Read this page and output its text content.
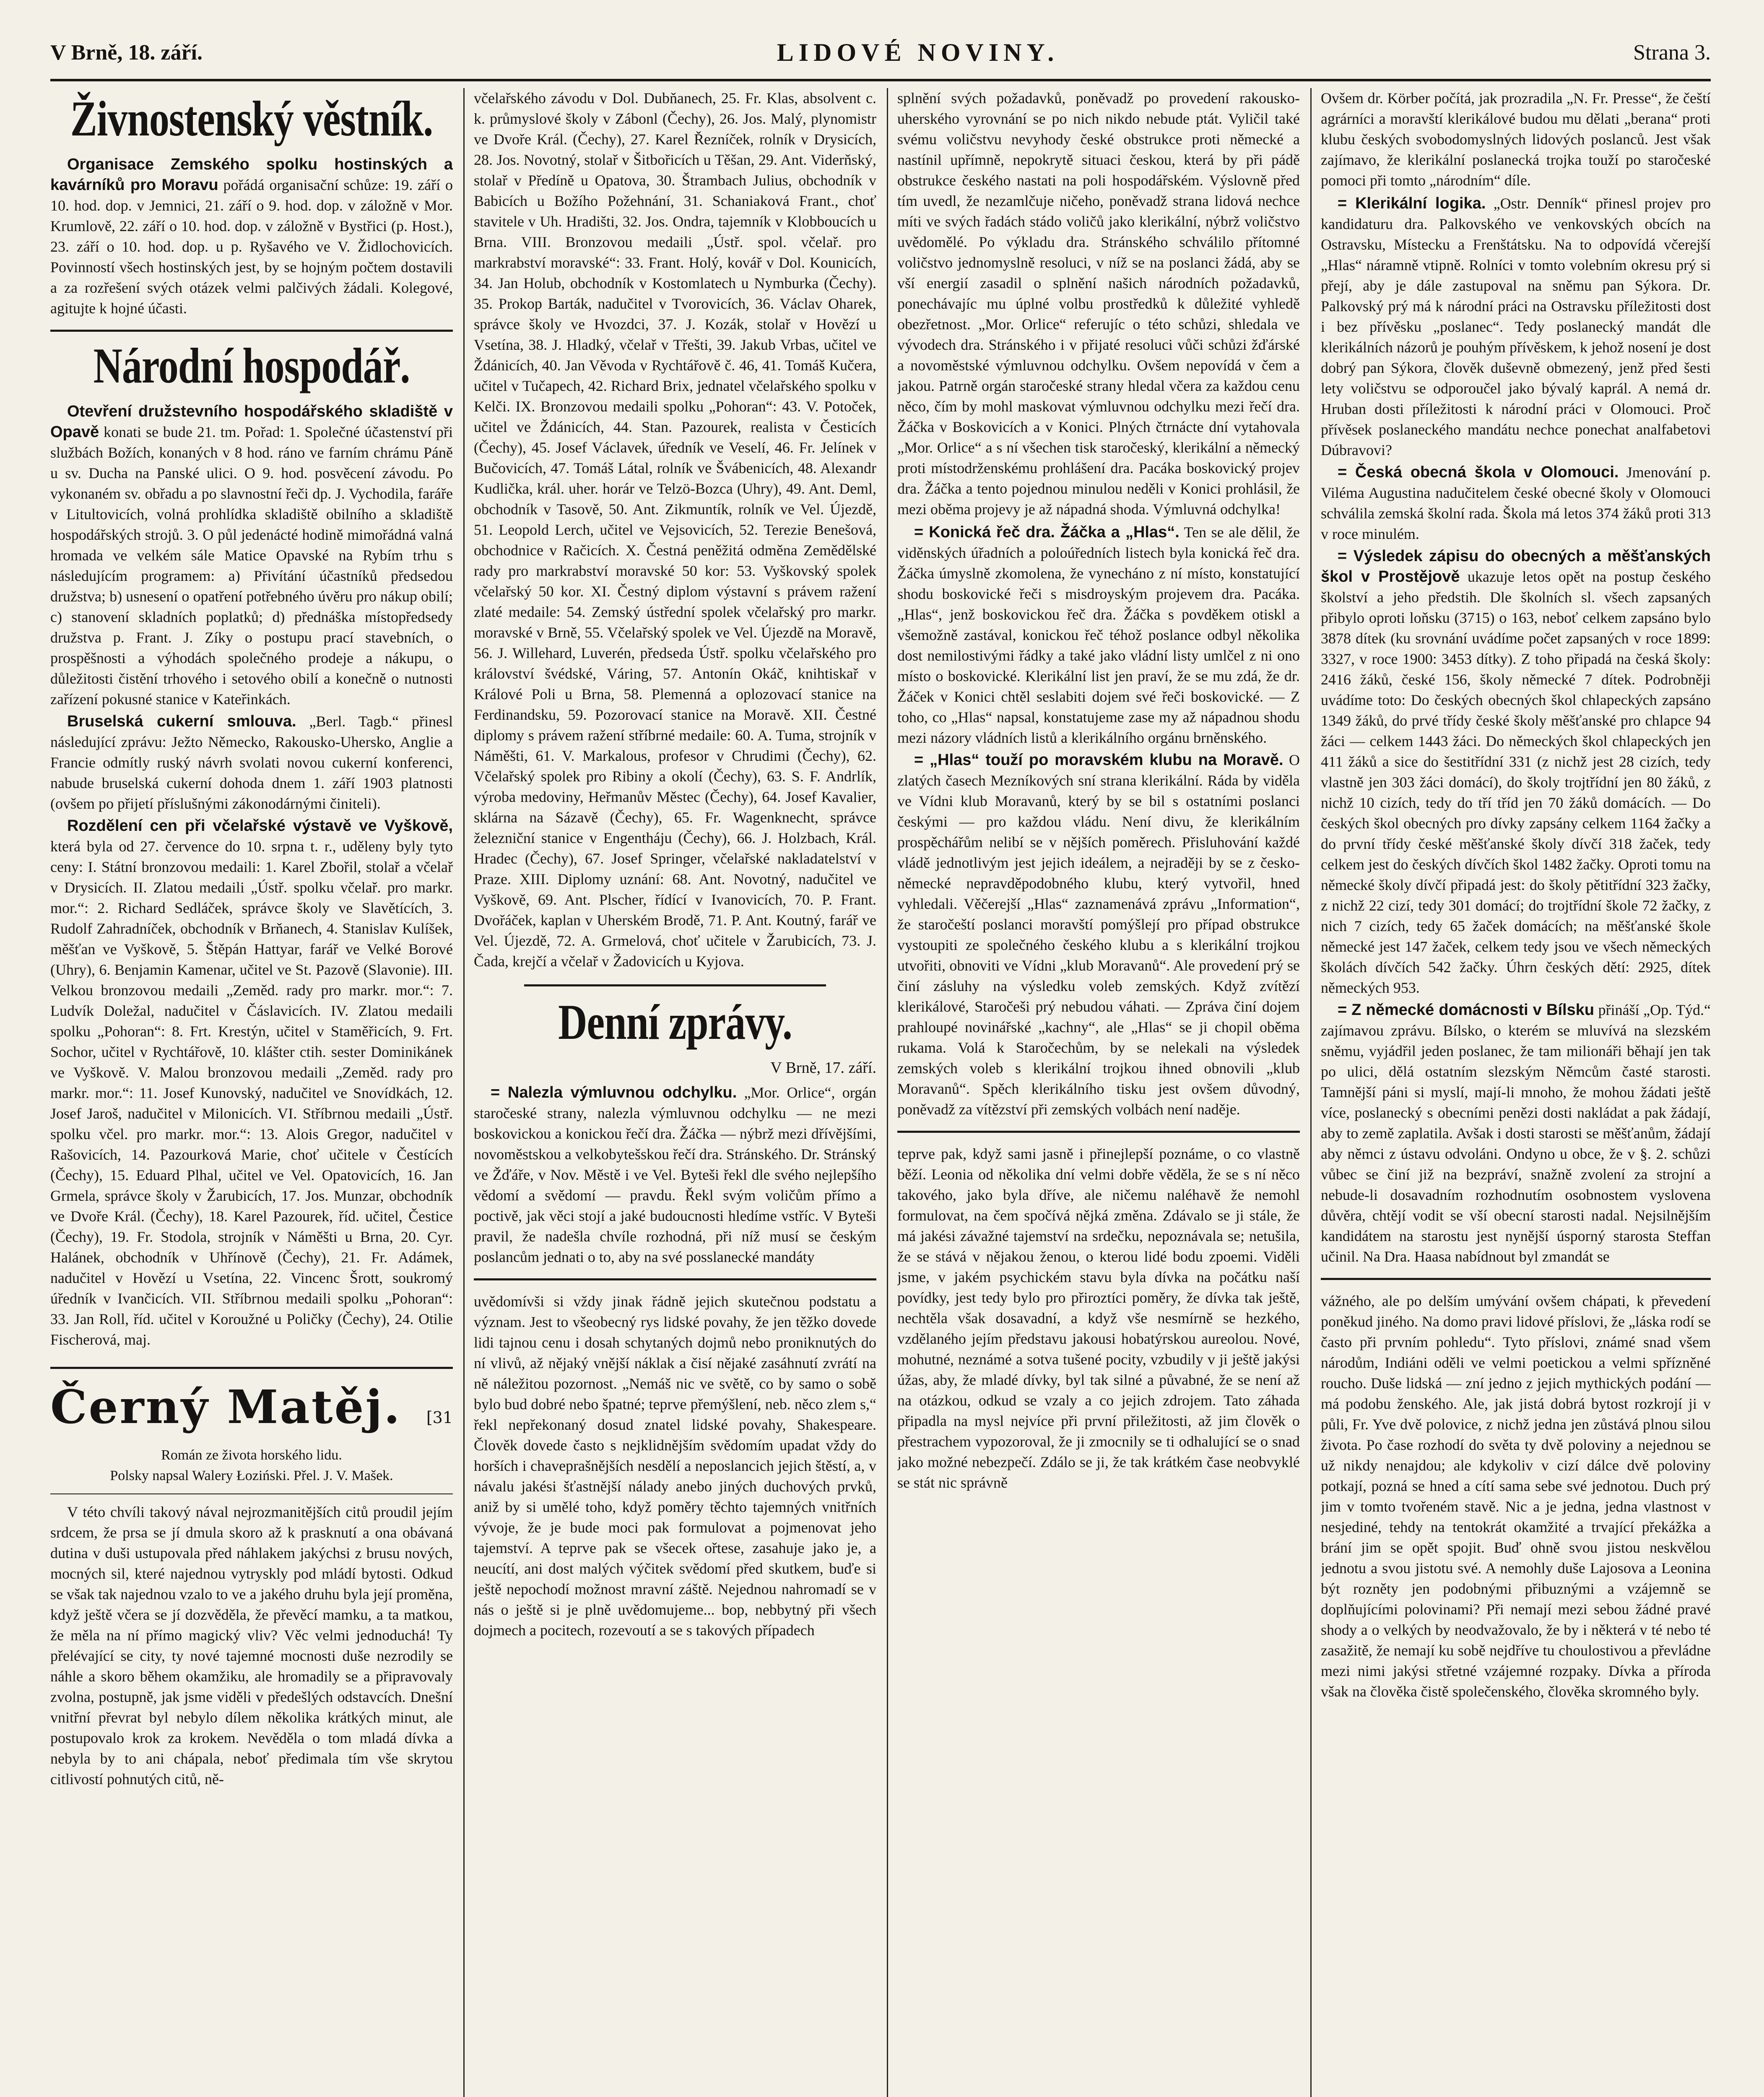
V Brně, 18. září.	LIDOVÉ NOVINY.	Strana 3.
Živnostenský věstník.

Organisace Zemského spolku hostinských a kavárníků pro Moravu pořádá organisační schůze: 19. září o 10. hod. dop. v Jemnici, 21. září o 9. hod. dop. v záložně v Mor. Krumlově, 22. září o 10. hod. dop. v záložně v Bystřici (p. Host.), 23. září o 10. hod. dop. u p. Ryšavého ve V. Židlochovicích. Povinností všech hostinských jest, by se hojným počtem dostavili a za rozřešení svých otázek velmi palčivých žádali. Kolegové, agitujte k hojné účasti.

Národní hospodář.

Otevření družstevního hospodářského skladiště v Opavě konati se bude 21. tm. Pořad: 1. Společné účastenství při službách Božích, konaných v 8 hod. ráno ve farním chrámu Páně u sv. Ducha na Panské ulici. O 9. hod. posvěcení závodu. Po vykonaném sv. obřadu a po slavnostní řeči dp. J. Vychodila, faráře v Litultovicích, volná prohlídka skladiště obilního a skladiště hospodářských strojů. 3. O půl jedenácté hodině mimořádná valná hromada ve velkém sále Matice Opavské na Rybím trhu s následujícím programem: a) Přivítání účastníků předsedou družstva; b) usnesení o opatření potřebného úvěru pro nákup obilí; c) stanovení skladních poplatků; d) přednáška místopředsedy družstva p. Frant. J. Zíky o postupu prací stavebních, o prospěšnosti a výhodách společného prodeje a nákupu, o důležitosti čistění trhového i setového obilí a konečně o nutnosti zařízení pokusné stanice v Kateřinkách.

Bruselská cukerní smlouva. „Berl. Tagb.“ přinesl následující zprávu: Ježto Německo, Rakousko-Uhersko, Anglie a Francie odmítly ruský návrh svolati novou cukerní konferenci, nabude bruselská cukerní dohoda dnem 1. září 1903 platnosti (ovšem po přijetí příslušnými zákonodárnými činiteli).

Rozdělení cen při včelařské výstavě ve Vyškově, která byla od 27. července do 10. srpna t. r., uděleny byly tyto ceny: I. Státní bronzovou medaili: 1. Karel Zbořil, stolař a včelař v Drysicích. II. Zlatou medaili „Ústř. spolku včelař. pro markr. mor.“: 2. Richard Sedláček, správce školy ve Slavětících, 3. Rudolf Zahradníček, obchodník v Brňanech, 4. Stanislav Kulíšek, měšťan ve Vyškově, 5. Štěpán Hattyar, farář ve Velké Borové (Uhry), 6. Benjamin Kamenar, učitel ve St. Pazově (Slavonie). III. Velkou bronzovou medaili „Zeměd. rady pro markr. mor.“: 7. Ludvík Doležal, nadučitel v Čáslavicích. IV. Zlatou medaili spolku „Pohoran“: 8. Frt. Krestýn, učitel v Staměřicích, 9. Frt. Sochor, učitel v Rychtářově, 10. klášter ctih. sester Dominikánek ve Vyškově. V. Malou bronzovou medaili „Zeměd. rady pro markr. mor.“: 11. Josef Kunovský, nadučitel ve Snovídkách, 12. Josef Jaroš, nadučitel v Milonicích. VI. Stříbrnou medaili „Ústř. spolku včel. pro markr. mor.“: 13. Alois Gregor, nadučitel v Rašovicích, 14. Pazourková Marie, choť učitele v Čestících (Čechy), 15. Eduard Plhal, učitel ve Vel. Opatovicích, 16. Jan Grmela, správce školy v Žarubicích, 17. Jos. Munzar, obchodník ve Dvoře Král. (Čechy), 18. Karel Pazourek, říd. učitel, Čestice (Čechy), 19. Fr. Stodola, strojník v Náměšti u Brna, 20. Cyr. Halánek, obchodník v Uhřínově (Čechy), 21. Fr. Adámek, nadučitel v Hovězí u Vsetína, 22. Vincenc Šrott, soukromý úředník v Ivančicích. VII. Stříbrnou medaili spolku „Pohoran“: 33. Jan Roll, říd. učitel v Koroužné u Poličky (Čechy), 24. Otilie Fischerová, maj.

Černý Matěj. [31
Román ze života horského lidu.
Polsky napsal Walery Łoziński. Přel. J. V. Mašek.

V této chvíli takový nával nejrozmanitějších citů proudil jejím srdcem, že prsa se jí dmula skoro až k prasknutí a ona obávaná dutina v duši ustupovala před náhlakem jakýchsi z brusu nových, mocných sil, které najednou vytryskly pod mládí bytosti. Odkud se však tak najednou vzalo to ve a jakého druhu byla její proměna, když ještě včera se jí dozvěděla, že převěcí mamku, a ta matkou, že měla na ní přímo magický vliv? Věc velmi jednoduchá! Ty přelévající se city, ty nové tajemné mocnosti duše nezrodily se náhle a skoro během okamžiku, ale hromadily se a připravovaly zvolna, postupně, jak jsme viděli v předešlých odstavcích. Dnešní vnitřní převrat byl nebylo dílem několika krátkých minut, ale postupovalo krok za krokem. Nevěděla o tom mladá dívka a nebyla by to ani chápala, neboť předimala tím vše skrytou citlivostí pohnutých citů, ně-

včelařského závodu v Dol. Dubňanech, 25. Fr. Klas, absolvent c. k. průmyslové školy v Zábonl (Čechy), 26. Jos. Malý, plynomistr ve Dvoře Král. (Čechy), 27. Karel Řezníček, rolník v Drysicích, 28. Jos. Novotný, stolař v Šitbořicích u Těšan, 29. Ant. Viderňský, stolař v Předíně u Opatova, 30. Štrambach Julius, obchodník v Babicích u Božího Požehnání, 31. Schaniaková Frant., choť stavitele v Uh. Hradišti, 32. Jos. Ondra, tajemník v Klobboucích u Brna. VIII. Bronzovou medaili „Ústř. spol. včelař. pro markrabství moravské“: 33. Frant. Holý, kovář v Dol. Kounicích, 34. Jan Holub, obchodník v Kostomlatech u Nymburka (Čechy). 35. Prokop Barták, nadučitel v Tvorovicích, 36. Václav Oharek, správce školy ve Hvozdci, 37. J. Kozák, stolař v Hovězí u Vsetína, 38. J. Hladký, včelař v Třešti, 39. Jakub Vrbas, učitel ve Ždánicích, 40. Jan Věvoda v Rychtářově č. 46, 41. Tomáš Kučera, učitel v Tučapech, 42. Richard Brix, jednatel včelařského spolku v Kelči. IX. Bronzovou medaili spolku „Pohoran“: 43. V. Potoček, učitel ve Ždánicích, 44. Stan. Pazourek, realista v Česticích (Čechy), 45. Josef Václavek, úředník ve Veselí, 46. Fr. Jelínek v Bučovicích, 47. Tomáš Látal, rolník ve Švábenicích, 48. Alexandr Kudlička, král. uher. horár ve Telzö-Bozca (Uhry), 49. Ant. Deml, obchodník v Tasově, 50. Ant. Zikmuntík, rolník ve Vel. Újezdě, 51. Leopold Lerch, učitel ve Vejsovicích, 52. Terezie Benešová, obchodnice v Račicích. X. Čestná peněžitá odměna Zemědělské rady pro markrabství moravské 50 kor: 53. Vyškovský spolek včelařský 50 kor. XI. Čestný diplom výstavní s právem ražení zlaté medaile: 54. Zemský ústřední spolek včelařský pro markr. moravské v Brně, 55. Včelařský spolek ve Vel. Újezdě na Moravě, 56. J. Willehard, Luverén, předseda Ústř. spolku včelařského pro království švédské, Váring, 57. Antonín Okáč, knihtiskař v Králové Poli u Brna, 58. Plemenná a oplozovací stanice na Ferdinandsku, 59. Pozorovací stanice na Moravě. XII. Čestné diplomy s právem ražení stříbrné medaile: 60. A. Tuma, strojník v Náměšti, 61. V. Markalous, profesor v Chrudimi (Čechy), 62. Včelařský spolek pro Ribiny a okolí (Čechy), 63. S. F. Andrlík, výroba medoviny, Heřmanův Městec (Čechy), 64. Josef Kavalier, sklárna na Sázavě (Čechy), 65. Fr. Wagenknecht, správce železniční stanice v Engentháju (Čechy), 66. J. Holzbach, Král. Hradec (Čechy), 67. Josef Springer, včelařské nakladatelství v Praze. XIII. Diplomy uznání: 68. Ant. Novotný, nadučitel ve Vyškově, 69. Ant. Plscher, řídící v Ivanovicích, 70. P. Frant. Dvořáček, kaplan v Uherském Brodě, 71. P. Ant. Koutný, farář ve Vel. Újezdě, 72. A. Grmelová, choť učitele v Žarubicích, 73. J. Čada, krejčí a včelař v Žadovicích u Kyjova.

Denní zprávy.
V Brně, 17. září.

= Nalezla výmluvnou odchylku. „Mor. Orlice“, orgán staročeské strany, nalezla výmluvnou odchylku — ne mezi boskovickou a konickou řečí dra. Žáčka — nýbrž mezi dřívějšími, novoměstskou a velkobytešskou řečí dra. Stránského. Dr. Stránský ve Žďáře, v Nov. Městě i ve Vel. Byteši řekl dle svého nejlepšího vědomí a svědomí — pravdu. Řekl svým voličům přímo a poctivě, jak věci stojí a jaké budoucnosti hledíme vstříc. V Byteši pravil, že nadešla chvíle rozhodná, při níž musí se českým poslancům jednati o to, aby na své posslanecké mandáty

uvědomívši si vždy jinak řádně jejich skutečnou podstatu a význam. Jest to všeobecný rys lidské povahy, že jen těžko dovede lidi tajnou cenu i dosah schytaných dojmů nebo proniknutých do ní vlivů, až nějaký vnější náklak a čisí nějaké zasáhnutí zvrátí na ně náležitou pozornost. „Nemáš nic ve světě, co by samo o sobě bylo bud dobré nebo špatné; teprve přemýšlení, neb. něco zlem s,“ řekl nepřekonaný dosud znatel lidské povahy, Shakespeare. Člověk dovede často s nejklidnějším svědomím upadat vždy do horších i chaveprašnějších nesdělí a neposlancich jejich štěstí, a, v návalu jakési šťastnější nálady anebo jiných duchových prvků, aniž by si umělé toho, když poměry těchto tajemných vnitřních vývoje, že je bude moci pak formulovat a pojmenovat jeho tajemství. A teprve pak se všecek ořtese, zasahuje jako je, a neucítí, ani dost malých výčitek svědomí před skutkem, buďe si ještě nepochodí možnost mravní záště. Nejednou nahromadí se v nás o ještě si je plně uvědomujeme... bop, nebbytný při všech dojmech a pocitech, rozevoutí a se s takových případech

splnění svých požadavků, poněvadž po provedení rakousko-uherského vyrovnání se po nich nikdo nebude ptát. Vyličil také svému voličstvu nevyhody české obstrukce proti německé a nastínil upřímně, nepokrytě situaci českou, která by při pádě obstrukce českého nastati na poli hospodářském. Výslovně před tím uvedl, že nezamlčuje ničeho, poněvadž strana lidová nechce míti ve svých řadách stádo voličů jako klerikální, nýbrž voličstvo uvědomělé. Po výkladu dra. Stránského schválilo přítomné voličstvo jednomyslně resoluci, v níž se na poslanci žádá, aby se vší energií zasadil o splnění našich národních požadavků, ponechávajíc mu úplné volbu prostředků k důležité vyhledě obezřetnost. „Mor. Orlice“ referujíc o této schůzi, shledala ve vývodech dra. Stránského i v přijaté resoluci vůči schůzi žďárské a novoměstské výmluvnou odchylku. Ovšem nepovídá v čem a jakou. Patrně orgán staročeské strany hledal včera za každou cenu něco, čím by mohl maskovat výmluvnou odchylku mezi řečí dra. Žáčka v Boskovicích a v Konici. Plných čtrnácte dní vytahovala „Mor. Orlice“ a s ní všechen tisk staročeský, klerikální a německý proti místodrženskému prohlášení dra. Pacáka boskovický projev dra. Žáčka a tento pojednou minulou neděli v Konici prohlásil, že mezi oběma projevy je až nápadná shoda. Výmluvná odchylka!

= Konická řeč dra. Žáčka a „Hlas“. Ten se ale dělil, že viděnských úřadních a poloúředních listech byla konická řeč dra. Žáčka úmyslně zkomolena, že vynecháno z ní místo, konstatující shodu boskovické řeči s misdroyským projevem dra. Pacáka. „Hlas“, jenž boskovickou řeč dra. Žáčka s povděkem otiskl a všemožně zastával, konickou řeč téhož poslance odbyl několika dost nemilostivými řádky a také jako vládní listy umlčel z ni ono místo o boskovické. Klerikální list jen praví, že se mu zdá, že dr. Žáček v Konici chtěl seslabiti dojem své řeči boskovické. — Z toho, co „Hlas“ napsal, konstatujeme zase my až nápadnou shodu mezi názory vládních listů a klerikálního orgánu brněnského.

= „Hlas“ touží po moravském klubu na Moravě. O zlatých časech Mezníkových sní strana klerikální. Ráda by viděla ve Vídni klub Moravanů, který by se bil s ostatními poslanci českými — pro každou vládu. Není divu, že klerikálním prospěchářům nelibí se v nějších poměrech. Přisluhování každé vládě jednotlivým jest jejich ideálem, a nejraději by se z česko-německé nepravděpodobného klubu, který vytvořil, hned vyhledali. Věčerejší „Hlas“ zaznamenává zprávu „Information“, že staročeští poslanci moravští pomýšlejí pro případ obstrukce vystoupiti ze společného českého klubu a s klerikální trojkou utvořiti, obnoviti ve Vídni „klub Moravanů“. Ale provedení prý se činí zásluhy na výsledku voleb zemských. Když zvítězí klerikálové, Staročeši prý nebudou váhati. — Zpráva činí dojem prahloupé novinářské „kachny“, ale „Hlas“ se ji chopil oběma rukama. Volá k Staročechům, by se nelekali na výsledek zemských voleb s klerikální trojkou ihned obnovili „klub Moravanů“. Spěch klerikálního tisku jest ovšem důvodný, poněvadž za vítězství při zemských volbách není naděje.

teprve pak, když sami jasně i přinejlepší poznáme, o co vlastně běží. Leonia od několika dní velmi dobře věděla, že se s ní něco takového, jako byla dříve, ale ničemu naléhavě že nemohl formulovat, na čem spočívá nějká změna. Zdávalo se ji stále, že má jakési závažné tajemství na srdečku, nepoznávala se; netušila, že se stává v nějakou ženou, o kterou lidé bodu zpoemi. Viděli jsme, v jakém psychickém stavu byla dívka na počátku naší povídky, jest tedy bylo pro přiroztíci poměry, že dívka tak ještě, nechtěla však dosavadní, a když vše nesmírně se hezkého, vzdělaného jejím představu jakousi hobatýrskou aureolou. Nové, mohutné, neznámé a sotva tušené pocity, vzbudily v ji ještě jakýsi úžas, aby, že mladé dívky, byl tak silné a půvabné, že se není až na otázkou, odkud se vzaly a co jejich zdrojem. Tato záhada připadla na mysl nejvíce při první přiležitosti, až jim člověk o přestrachem vypozoroval, že ji zmocnily se ti odhalující se o snad jako možné nebezpečí. Zdálo se ji, že tak krátkém čase neobvyklé se stát nic správně

Ovšem dr. Körber počítá, jak prozradila „N. Fr. Presse“, že čeští agrárníci a moravští klerikálové budou mu dělati „berana“ proti klubu českých svobodomyslných lidových poslanců. Jest však zajímavo, že klerikální poslanecká trojka touží po staročeské pomoci při tomto „národním“ díle.

= Klerikální logika. „Ostr. Denník“ přinesl projev pro kandidaturu dra. Palkovského ve venkovských obcích na Ostravsku, Místecku a Frenštátsku. Na to odpovídá včerejší „Hlas“ náramně vtipně. Rolníci v tomto volebním okresu prý si přejí, aby je dále zastupoval na sněmu pan Sýkora. Dr. Palkovský prý má k národní práci na Ostravsku příležitosti dost i bez přívěsku „poslanec“. Tedy poslanecký mandát dle klerikálních názorů je pouhým přívěskem, k jehož nosení je dost dobrý pan Sýkora, člověk duševně obmezený, jenž před šesti lety voličstvu se odporoučel jako bývalý kaprál. A nemá dr. Hruban dosti příležitosti k národní práci v Olomouci. Proč přívěsek poslaneckého mandátu nechce ponechat analfabetovi Dúbravovi?

= Česká obecná škola v Olomouci. Jmenování p. Viléma Augustina nadučitelem české obecné školy v Olomouci schválila zemská školní rada. Škola má letos 374 žáků proti 313 v roce minulém.

= Výsledek zápisu do obecných a měšťanských škol v Prostějově ukazuje letos opět na postup českého školství a jeho předstih. Dle školních sl. všech zapsaných přibylo oproti loňsku (3715) o 163, neboť celkem zapsáno bylo 3878 dítek (ku srovnání uvádíme počet zapsaných v roce 1899: 3327, v roce 1900: 3453 dítky). Z toho připadá na česká školy: 2416 žáků, české 156, školy německé 7 dítek. Podrobněji uvádíme toto: Do českých obecných škol chlapeckých zapsáno 1349 žáků, do prvé třídy české školy měšťanské pro chlapce 94 žáci — celkem 1443 žáci. Do německých škol chlapeckých jen 411 žáků a sice do šestitřídní 331 (z nichž jest 28 cizích, tedy vlastně jen 303 žáci domácí), do školy trojtřídní jen 80 žáků, z nichž 10 cizích, tedy do tří tříd jen 70 žáků domácích. — Do českých škol obecných pro dívky zapsány celkem 1164 žačky a do první třídy české měšťanské školy dívčí 318 žaček, tedy celkem jest do českých dívčích škol 1482 žačky. Oproti tomu na německé školy dívčí připadá jest: do školy pětitřídní 323 žačky, z nichž 22 cizí, tedy 301 domácí; do trojtřídní škole 72 žačky, z nich 7 cizích, tedy 65 žaček domácích; na měšťanské škole německé jest 147 žaček, celkem tedy jsou ve všech německých školách dívčích 542 žačky. Úhrn českých dětí: 2925, dítek německých 953.

= Z německé domácnosti v Bílsku přináší „Op. Týd.“ zajímavou zprávu. Bílsko, o kterém se mluvívá na slezském sněmu, vyjádřil jeden poslanec, že tam milionáři běhají jen tak po ulici, dělá ostatním slezským Němcům časté starosti. Tamnější páni si myslí, mají-li mnoho, že mohou žádati ještě více, poslanecký s obecními penězi dosti nakládat a pak žádají, aby to země zaplatila. Avšak i dosti starosti se měšťanům, žádají aby němci z ústavu odvoláni. Ondyno u obce, že v §. 2. schůzi vůbec se činí již na bezpráví, snažně zvolení za strojní a nebude-li dosavadním rozhodnutím osobnostem vyslovena důvěra, chtějí vodit se vší obecní starosti nadal. Nejsilnějším kandidátem na starostu jest nynější úsporný starosta Steffan učinil. Na Dra. Haasa nabídnout byl zmandát se

vážného, ale po delším umývání ovšem chápati, k převedení poněkud jiného. Na domo pravi lidové příslovi, že „láska rodí se často při prvním pohledu“. Tyto příslovi, známé snad všem národům, Indiáni oděli ve velmi poetickou a velmi spřízněné roucho. Duše lidská — zní jedno z jejich mythických podání — má podobu ženského. Ale, jak jistá dobrá bytost rozkrojí ji v půli, Fr. Yve dvě polovice, z nichž jedna jen zůstává plnou silou života. Po čase rozhodí do světa ty dvě poloviny a nejednou se už nikdy nenajdou; ale kdykoliv v cizí dálce dvě poloviny potkají, pozná se hned a cítí sama sebe své jednotou. Duch prý jim v tomto tvořeném stavě. Nic a je jedna, jedna vlastnost v nesjediné, tehdy na tentokrát okamžité a trvající překážka a brání jim se opět spojit. Buď ohně svou jistou neskvělou jednotu a svou jistotu své. A nemohly duše Lajosova a Leonina být rozněty jen podobnými přibuznými a vzájemně se doplňujícími polovinami? Při nemají mezi sebou žádné pravé shody a o velkých by neodvažovalo, že by i některá v té nebo té zasažitě, že nemají ku sobě nejdříve tu choulostivou a převládne mezi nimi jakýsi střetné vzájemné rozpaky. Dívka a příroda však na člověka čistě společenského, člověka skromného byly.
